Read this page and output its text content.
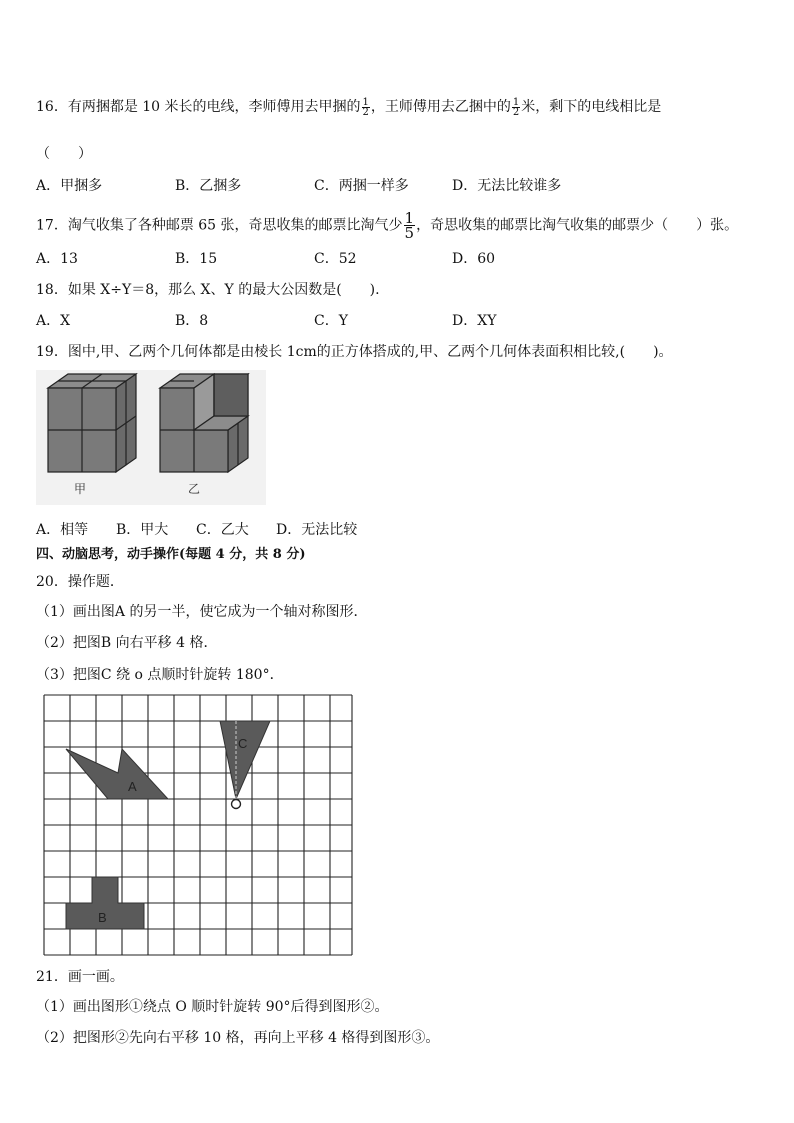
16．有两捆都是 10 米长的电线，李师傅用去甲捆的 $\frac{1}{2}$ ，王师傅用去乙捆中的 $\frac{1}{2}$ 米，剩下的电线相比是
（　　）
A．甲捆多	B．乙捆多	C．两捆一样多	D．无法比较谁多
17．淘气收集了各种邮票 65 张，奇思收集的邮票比淘气少 $\frac{1}{5}$ ，奇思收集的邮票比淘气收集的邮票少（　　）张。
A．13	B．15	C．52	D．60
18．如果 X÷Y＝8，那么 X、Y 的最大公因数是(　　).
A．X	B．8	C．Y	D．XY
19．图中,甲、乙两个几何体都是由棱长 1cm的正方体搭成的,甲、乙两个几何体表面积相比较,(　　)。
甲	乙
A．相等 B．甲大 C．乙大 D．无法比较
四、动脑思考，动手操作(每题 4 分，共 8 分)
20．操作题．
（1）画出图A 的另一半，使它成为一个轴对称图形．
（2）把图B 向右平移 4 格．
（3）把图C 绕 o 点顺时针旋转 180°．
A
C
B
21．画一画。
（1）画出图形①绕点 O 顺时针旋转 90°后得到图形②。
（2）把图形②先向右平移 10 格，再向上平移 4 格得到图形③。
